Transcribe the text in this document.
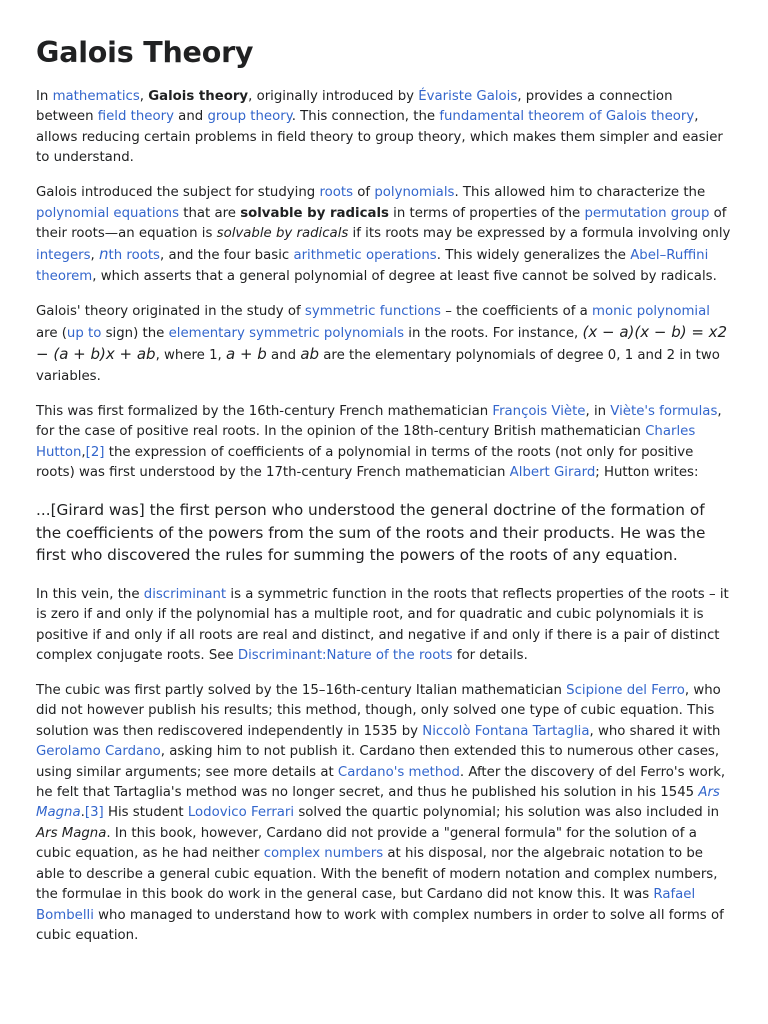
Galois Theory

In mathematics, Galois theory, originally introduced by Évariste Galois, provides a connection between field theory and group theory. This connection, the fundamental theorem of Galois theory, allows reducing certain problems in field theory to group theory, which makes them simpler and easier to understand.

Galois introduced the subject for studying roots of polynomials. This allowed him to characterize the polynomial equations that are solvable by radicals in terms of properties of the permutation group of their roots—an equation is solvable by radicals if its roots may be expressed by a formula involving only integers, nth roots, and the four basic arithmetic operations. This widely generalizes the Abel–Ruffini theorem, which asserts that a general polynomial of degree at least five cannot be solved by radicals.

Galois' theory originated in the study of symmetric functions – the coefficients of a monic polynomial are (up to sign) the elementary symmetric polynomials in the roots. For instance, (x − a)(x − b) = x2 − (a + b)x + ab, where 1, a + b and ab are the elementary polynomials of degree 0, 1 and 2 in two variables.

This was first formalized by the 16th-century French mathematician François Viète, in Viète's formulas, for the case of positive real roots. In the opinion of the 18th-century British mathematician Charles Hutton,[2] the expression of coefficients of a polynomial in terms of the roots (not only for positive roots) was first understood by the 17th-century French mathematician Albert Girard; Hutton writes:

...[Girard was] the first person who understood the general doctrine of the formation of the coefficients of the powers from the sum of the roots and their products. He was the first who discovered the rules for summing the powers of the roots of any equation.

In this vein, the discriminant is a symmetric function in the roots that reflects properties of the roots – it is zero if and only if the polynomial has a multiple root, and for quadratic and cubic polynomials it is positive if and only if all roots are real and distinct, and negative if and only if there is a pair of distinct complex conjugate roots. See Discriminant:Nature of the roots for details.

The cubic was first partly solved by the 15–16th-century Italian mathematician Scipione del Ferro, who did not however publish his results; this method, though, only solved one type of cubic equation. This solution was then rediscovered independently in 1535 by Niccolò Fontana Tartaglia, who shared it with Gerolamo Cardano, asking him to not publish it. Cardano then extended this to numerous other cases, using similar arguments; see more details at Cardano's method. After the discovery of del Ferro's work, he felt that Tartaglia's method was no longer secret, and thus he published his solution in his 1545 Ars Magna.[3] His student Lodovico Ferrari solved the quartic polynomial; his solution was also included in Ars Magna. In this book, however, Cardano did not provide a "general formula" for the solution of a cubic equation, as he had neither complex numbers at his disposal, nor the algebraic notation to be able to describe a general cubic equation. With the benefit of modern notation and complex numbers, the formulae in this book do work in the general case, but Cardano did not know this. It was Rafael Bombelli who managed to understand how to work with complex numbers in order to solve all forms of cubic equation.
